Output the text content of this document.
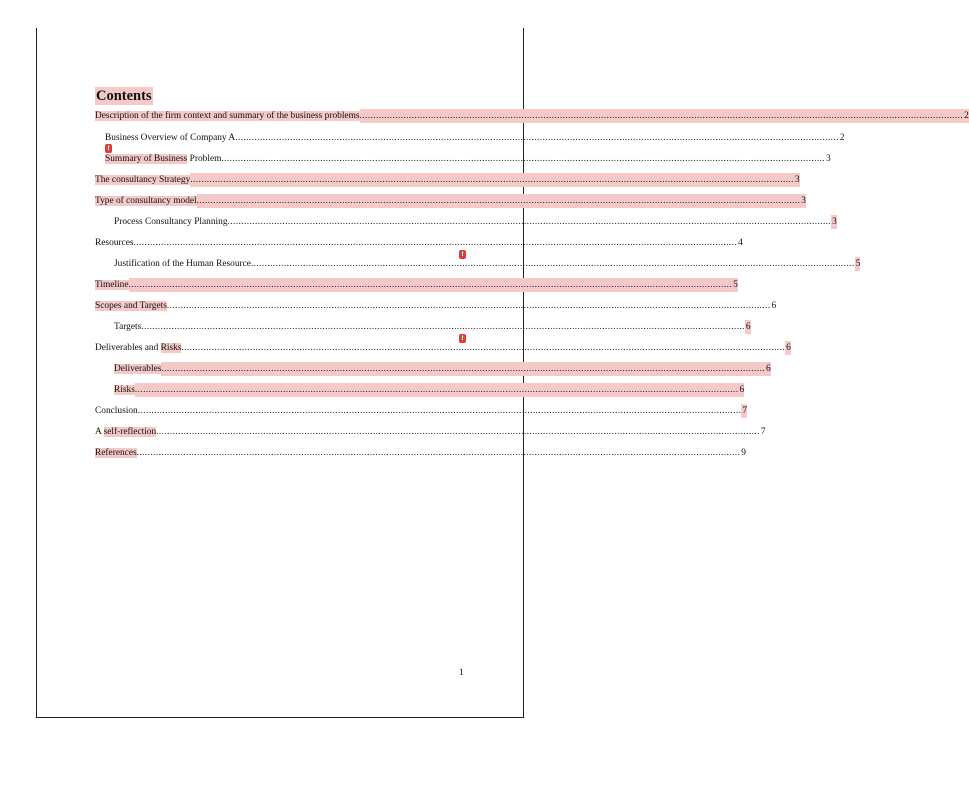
Contents
Description of the firm context and summary of the business problems ............................................................................................................................................................................................................................ 2
Business Overview of Company A ............................................................................................................................................................................................................................ 2
Summary of Business Problem ............................................................................................................................................................................................................................ 3
The consultancy Strategy ............................................................................................................................................................................................................................ 3
Type of consultancy model ............................................................................................................................................................................................................................ 3
Process Consultancy Planning ............................................................................................................................................................................................................................ 3
Resources ............................................................................................................................................................................................................................ 4
Justification of the Human Resource ............................................................................................................................................................................................................................ 5
Timeline ............................................................................................................................................................................................................................ 5
Scopes and Targets ............................................................................................................................................................................................................................ 6
Targets ............................................................................................................................................................................................................................ 6
Deliverables and Risks ............................................................................................................................................................................................................................ 6
Deliverables ............................................................................................................................................................................................................................ 6
Risks ............................................................................................................................................................................................................................ 6
Conclusion ............................................................................................................................................................................................................................ 7
A self-reflection ............................................................................................................................................................................................................................ 7
References ............................................................................................................................................................................................................................ 9
1
!
!
!
